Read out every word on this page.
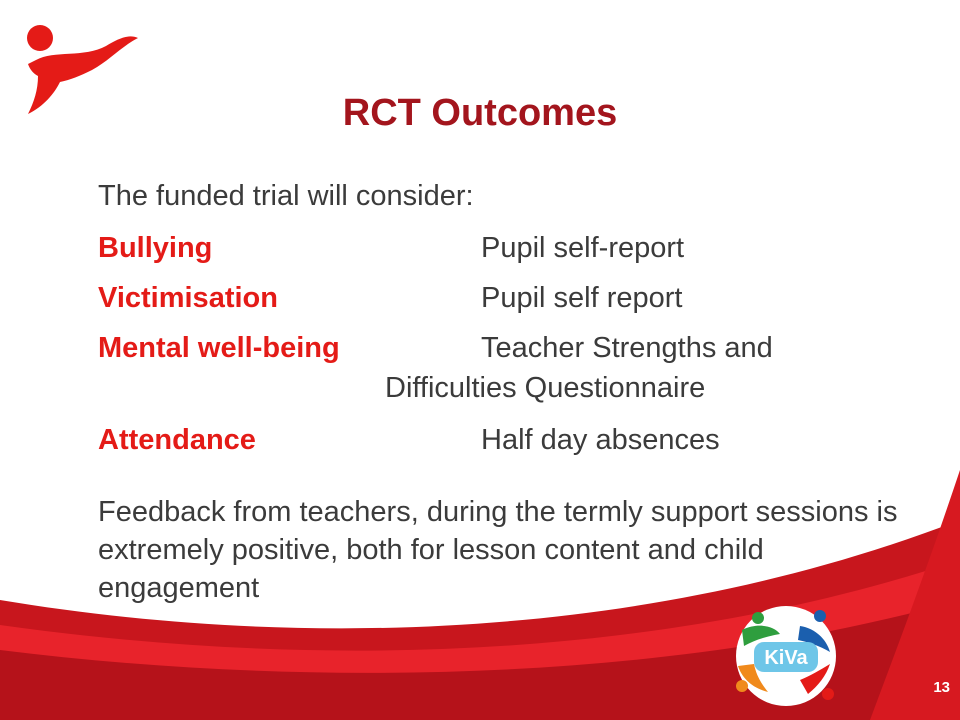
RCT Outcomes
The funded trial will consider:
Bullying	Pupil self-report
Victimisation	Pupil self report
Mental well-being	Teacher Strengths and
Difficulties Questionnaire
Attendance	Half day absences
Feedback from teachers, during the termly support sessions is extremely positive, both for lesson content and child engagement
KiVa
13
